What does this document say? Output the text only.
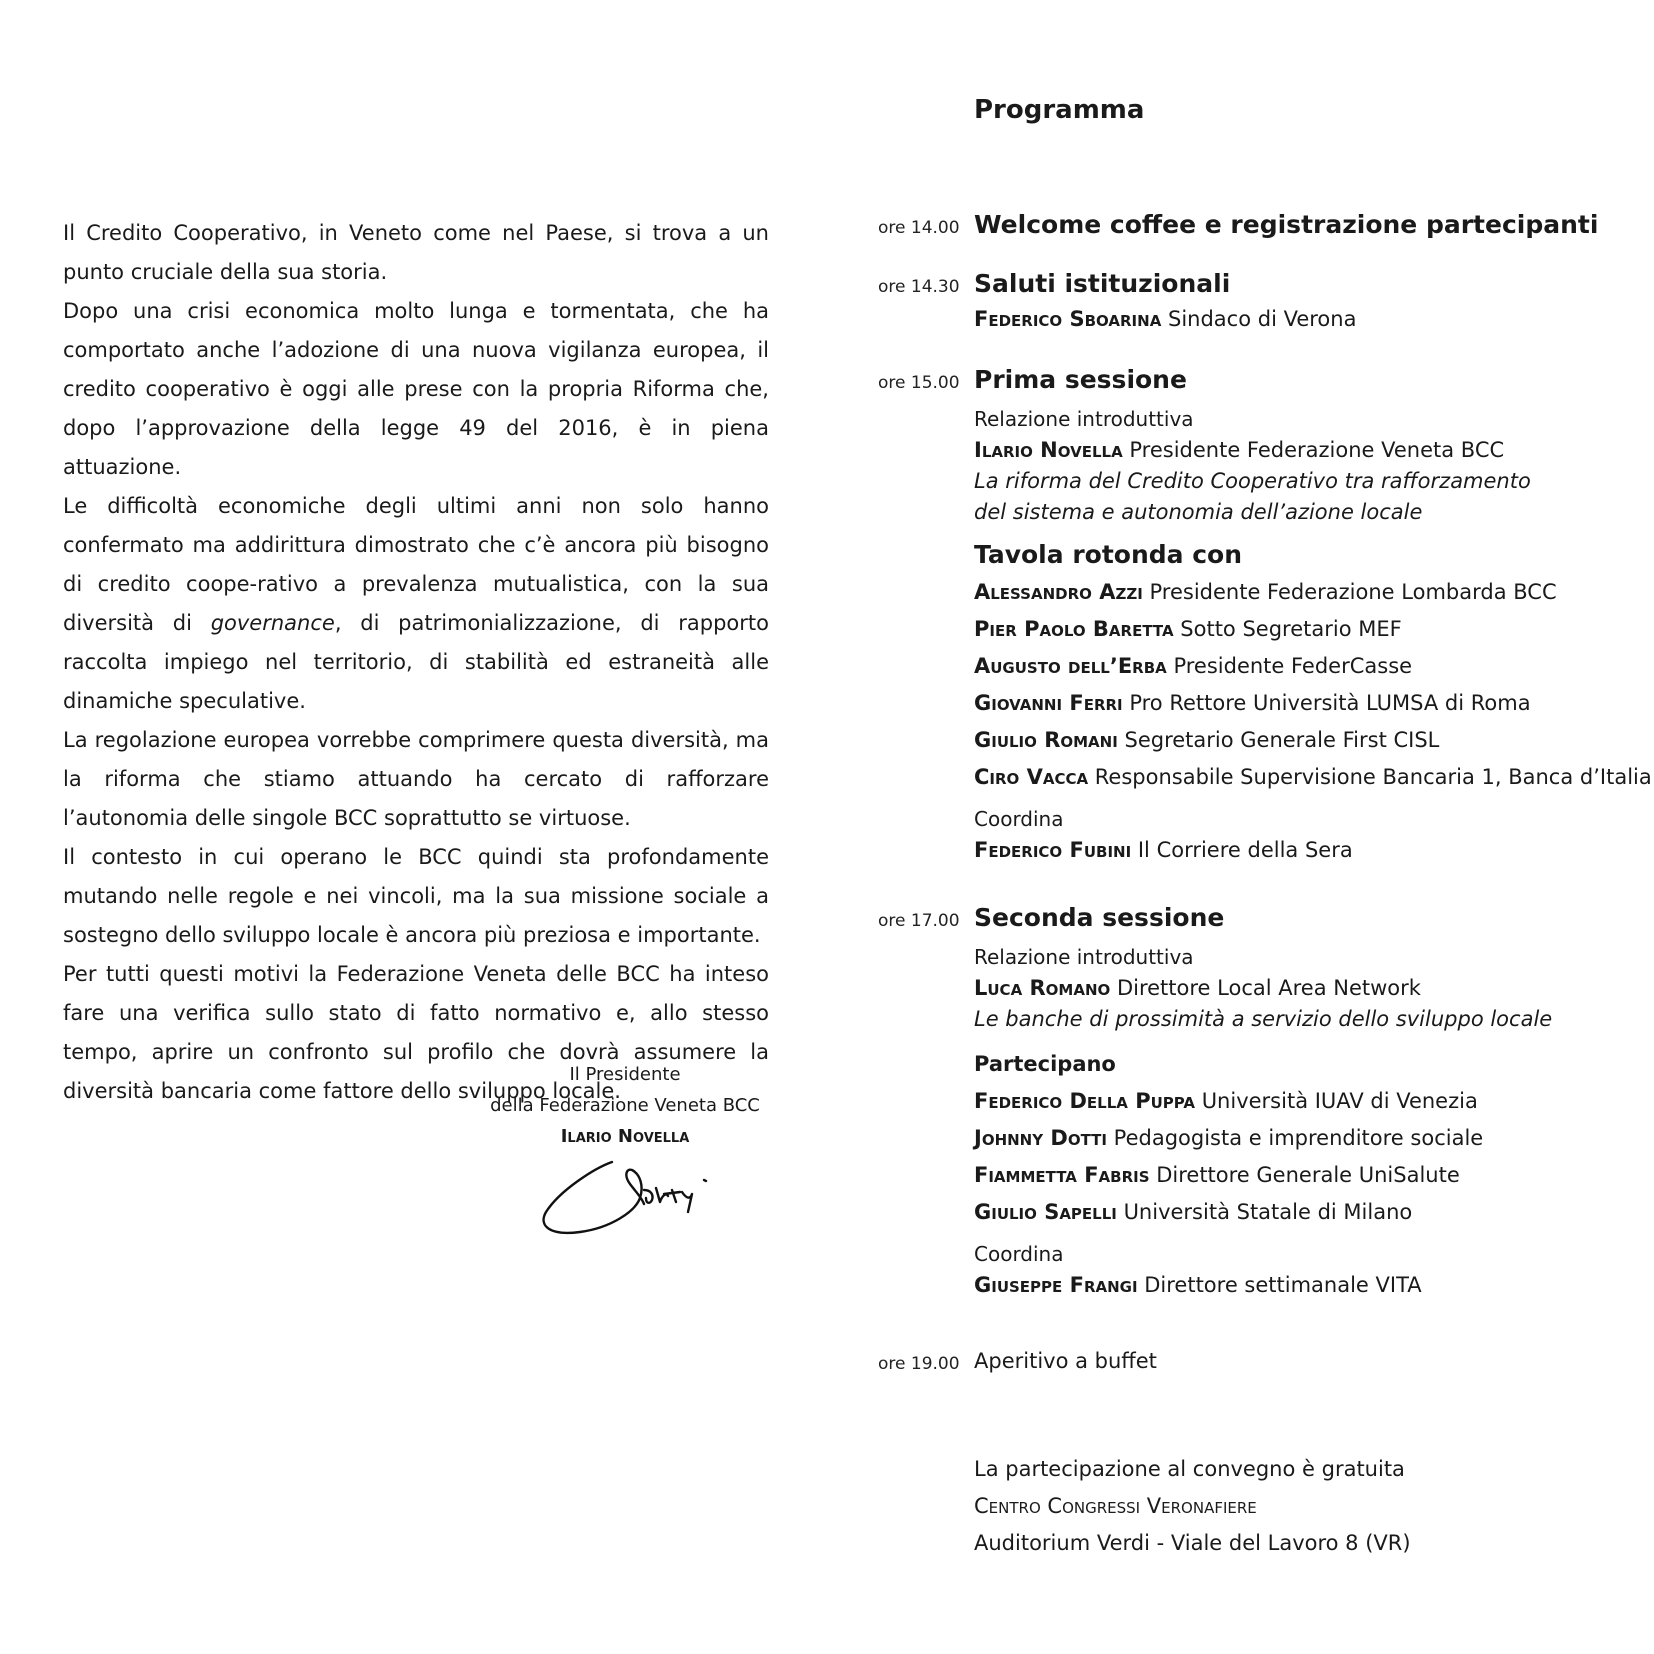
Il Credito Cooperativo, in Veneto come nel Paese, si trova a un punto cruciale della sua storia.

Dopo una crisi economica molto lunga e tormentata, che ha comportato anche l’adozione di una nuova vigilanza europea, il credito cooperativo è oggi alle prese con la propria Riforma che, dopo l’approvazione della legge 49 del 2016, è in piena attuazione.

Le difficoltà economiche degli ultimi anni non solo hanno confermato ma addirittura dimostrato che c’è ancora più bisogno di credito coope-rativo a prevalenza mutualistica, con la sua diversità di governance, di patrimonializzazione, di rapporto raccolta impiego nel territorio, di stabilità ed estraneità alle dinamiche speculative.

La regolazione europea vorrebbe comprimere questa diversità, ma la riforma che stiamo attuando ha cercato di rafforzare l’autonomia delle singole BCC soprattutto se virtuose.

Il contesto in cui operano le BCC quindi sta profondamente mutando nelle regole e nei vincoli, ma la sua missione sociale a sostegno dello sviluppo locale è ancora più preziosa e importante.

Per tutti questi motivi la Federazione Veneta delle BCC ha inteso fare una verifica sullo stato di fatto normativo e, allo stesso tempo, aprire un confronto sul profilo che dovrà assumere la diversità bancaria come fattore dello sviluppo locale.

Il Presidente
della Federazione Veneta BCC
Ilario Novella
Programma
ore 14.00 Welcome coffee e registrazione partecipanti
ore 14.30 Saluti istituzionali
Federico Sboarina Sindaco di Verona
ore 15.00 Prima sessione
Relazione introduttiva
Ilario Novella Presidente Federazione Veneta BCC
La riforma del Credito Cooperativo tra rafforzamento
del sistema e autonomia dell’azione locale
Tavola rotonda con
Alessandro Azzi Presidente Federazione Lombarda BCC
Pier Paolo Baretta Sotto Segretario MEF
Augusto dell’Erba Presidente FederCasse
Giovanni Ferri Pro Rettore Università LUMSA di Roma
Giulio Romani Segretario Generale First CISL
Ciro Vacca Responsabile Supervisione Bancaria 1, Banca d’Italia
Coordina
Federico Fubini Il Corriere della Sera
ore 17.00 Seconda sessione
Relazione introduttiva
Luca Romano Direttore Local Area Network
Le banche di prossimità a servizio dello sviluppo locale
Partecipano
Federico Della Puppa Università IUAV di Venezia
Johnny Dotti Pedagogista e imprenditore sociale
Fiammetta Fabris Direttore Generale UniSalute
Giulio Sapelli Università Statale di Milano
Coordina
Giuseppe Frangi Direttore settimanale VITA
ore 19.00 Aperitivo a buffet
La partecipazione al convegno è gratuita
Centro Congressi Veronafiere
Auditorium Verdi - Viale del Lavoro 8 (VR)
